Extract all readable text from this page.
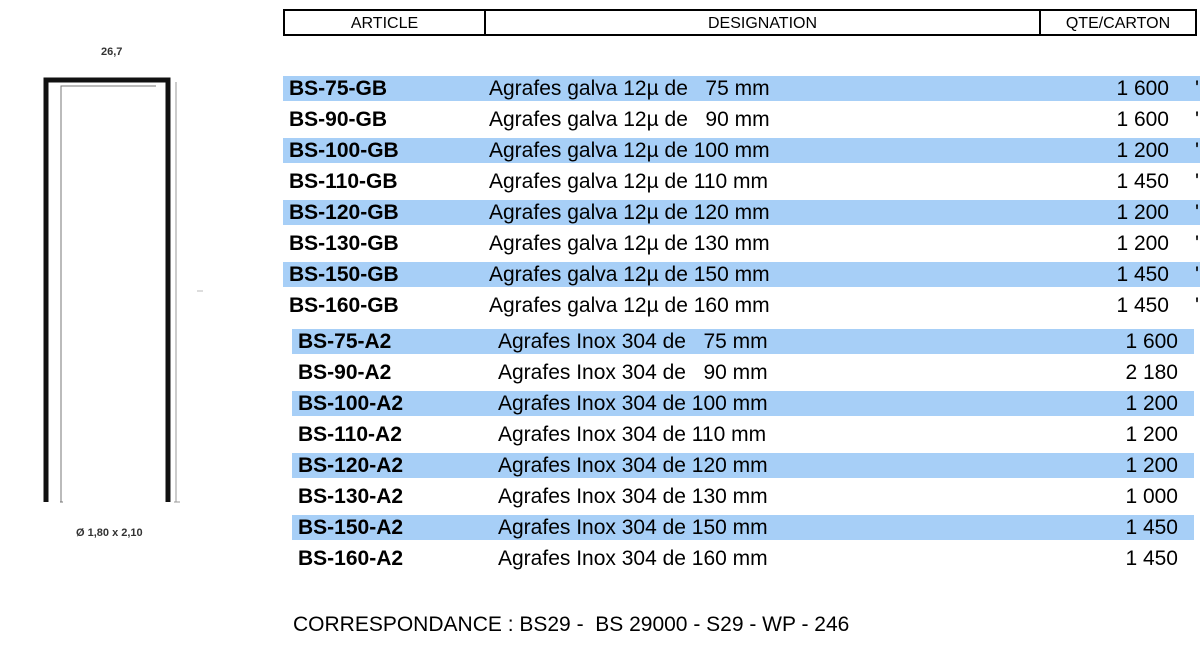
26,7
Ø 1,80 x 2,10
ARTICLE	DESIGNATION	QTE/CARTON
BS-75-GB	Agrafes galva 12µ de   75 mm	1 600 '
BS-90-GB	Agrafes galva 12µ de   90 mm	1 600 '
BS-100-GB	Agrafes galva 12µ de 100 mm	1 200 '
BS-110-GB	Agrafes galva 12µ de 110 mm	1 450 '
BS-120-GB	Agrafes galva 12µ de 120 mm	1 200 '
BS-130-GB	Agrafes galva 12µ de 130 mm	1 200 '
BS-150-GB	Agrafes galva 12µ de 150 mm	1 450 '
BS-160-GB	Agrafes galva 12µ de 160 mm	1 450 '
BS-75-A2	Agrafes Inox 304 de   75 mm	1 600
BS-90-A2	Agrafes Inox 304 de   90 mm	2 180
BS-100-A2	Agrafes Inox 304 de 100 mm	1 200
BS-110-A2	Agrafes Inox 304 de 110 mm	1 200
BS-120-A2	Agrafes Inox 304 de 120 mm	1 200
BS-130-A2	Agrafes Inox 304 de 130 mm	1 000
BS-150-A2	Agrafes Inox 304 de 150 mm	1 450
BS-160-A2	Agrafes Inox 304 de 160 mm	1 450
CORRESPONDANCE : BS29 -  BS 29000 - S29 - WP - 246
